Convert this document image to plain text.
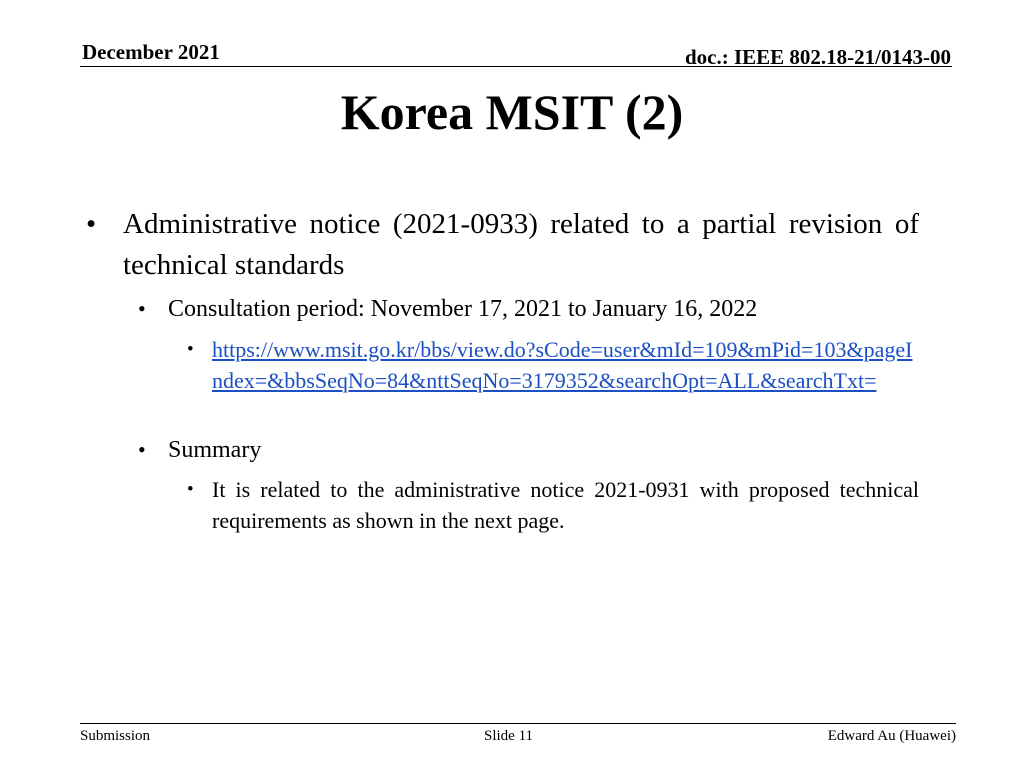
December 2021	doc.: IEEE 802.18-21/0143-00
Korea MSIT (2)
• Administrative notice (2021-0933) related to a partial revision of technical standards
• Consultation period: November 17, 2021 to January 16, 2022
• https://www.msit.go.kr/bbs/view.do?sCode=user&mId=109&mPid=103&pageIndex=&bbsSeqNo=84&nttSeqNo=3179352&searchOpt=ALL&searchTxt=
• Summary
• It is related to the administrative notice 2021-0931 with proposed technical requirements as shown in the next page.
Submission	Slide 11	Edward Au (Huawei)
